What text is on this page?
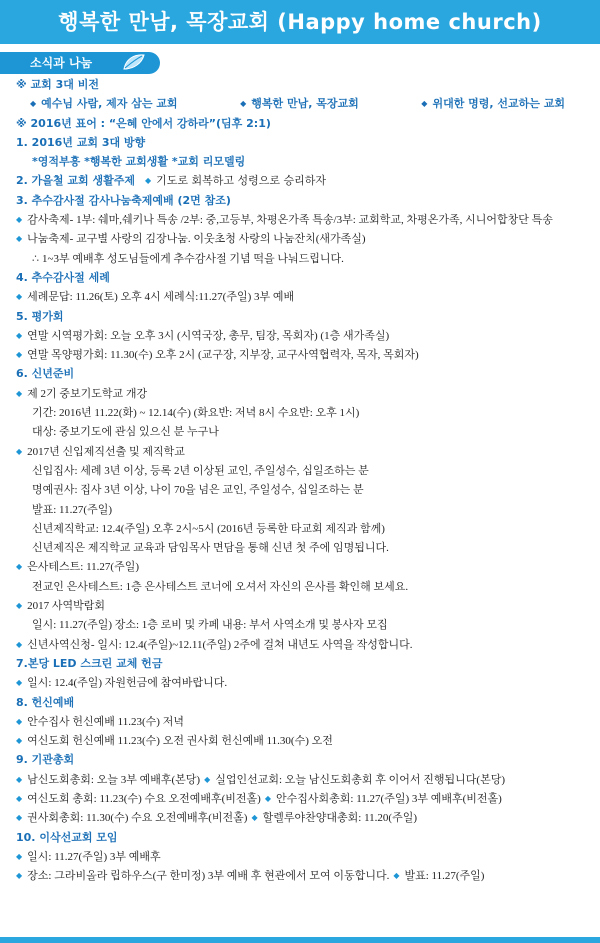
행복한 만남, 목장교회 (Happy home church)
소식과 나눔
※ 교회 3대 비전
◆ 예수님 사람, 제자 삼는 교회	◆ 행복한 만남, 목장교회	◆ 위대한 명령, 선교하는 교회
※ 2016년 표어 : “은혜 안에서 강하라”(딤후 2:1)
1. 2016년 교회 3대 방향
*영적부흥 *행복한 교회생활 *교회 리모델링
2. 가을철 교회 생활주제 ◆ 기도로 회복하고 성령으로 승리하자
3. 추수감사절 감사나눔축제예배 (2면 참조)
◆ 감사축제- 1부: 쉐마,쉐키나 특송 /2부: 중,고등부, 차평온가족 특송/3부: 교회학교, 차평온가족, 시니어합창단 특송
◆ 나눔축제- 교구별 사랑의 김장나눔. 이웃초청 사랑의 나눔잔치(새가족실)
∴ 1~3부 예배후 성도님들에게 추수감사절 기념 떡을 나눠드립니다.
4. 추수감사절 세례
◆ 세례문답: 11.26(토) 오후 4시 세례식:11.27(주일) 3부 예배
5. 평가회
◆ 연말 시역평가회: 오늘 오후 3시 (시역국장, 총무, 팀장, 목회자) (1층 새가족실)
◆ 연말 목양평가회: 11.30(수) 오후 2시 (교구장, 지부장, 교구사역협력자, 목자, 목회자)
6. 신년준비
◆ 제 2기 중보기도학교 개강
기간: 2016년 11.22(화) ~ 12.14(수) (화요반: 저녁 8시 수요반: 오후 1시)
대상: 중보기도에 관심 있으신 분 누구나
◆ 2017년 신입제직선출 및 제직학교
신입집사: 세례 3년 이상, 등록 2년 이상된 교인, 주일성수, 십일조하는 분
명예권사: 집사 3년 이상, 나이 70을 넘은 교인, 주일성수, 십일조하는 분
발표: 11.27(주일)
신년제직학교: 12.4(주일) 오후 2시~5시 (2016년 등록한 타교회 제직과 함께)
신년제직은 제직학교 교육과 담임목사 면담을 통해 신년 첫 주에 임명됩니다.
◆ 은사테스트: 11.27(주일)
전교인 은사테스트: 1층 은사테스트 코너에 오셔서 자신의 은사를 확인해 보세요.
◆ 2017 사역박람회
일시: 11.27(주일) 장소: 1층 로비 및 카페 내용: 부서 사역소개 및 봉사자 모집
◆ 신년사역신청- 일시: 12.4(주일)~12.11(주일) 2주에 걸쳐 내년도 사역을 작성합니다.
7.본당 LED 스크린 교체 헌금
◆ 일시: 12.4(주일) 자원헌금에 참여바랍니다.
8. 헌신예배
◆ 안수집사 헌신예배 11.23(수) 저녁
◆ 여신도회 헌신예배 11.23(수) 오전 권사회 헌신예배 11.30(수) 오전
9. 기관총회
◆ 남신도회총회: 오늘 3부 예배후(본당) ◆ 실업인선교회: 오늘 남신도회총회 후 이어서 진행됩니다(본당)
◆ 여신도회 총회: 11.23(수) 수요 오전예배후(비전홀) ◆ 안수집사회총회: 11.27(주일) 3부 예배후(비전홀)
◆ 권사회총회: 11.30(수) 수요 오전예배후(비전홀) ◆ 할렐루야찬양대총회: 11.20(주일)
10. 이삭선교회 모임
◆ 일시: 11.27(주일) 3부 예배후
◆ 장소: 그라비올라 립하우스(구 한미정) 3부 예배 후 현관에서 모여 이동합니다. ◆ 발표: 11.27(주일)
